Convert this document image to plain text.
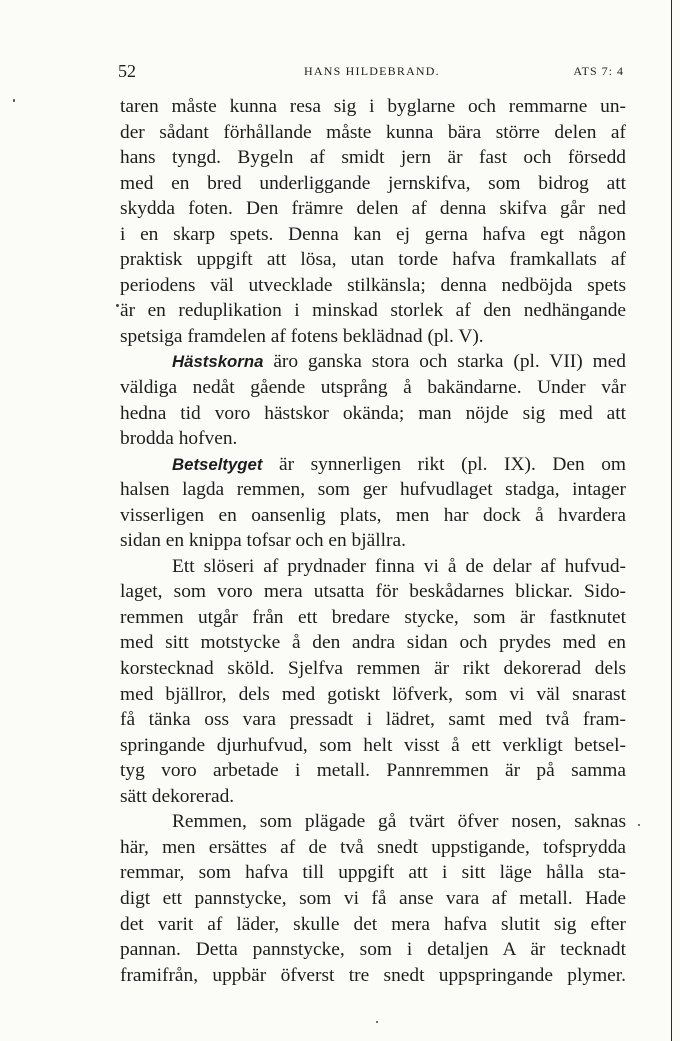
52	HANS HILDEBRAND.	ATS 7: 4
taren måste kunna resa sig i byglarne och remmarne un-
der sådant förhållande måste kunna bära större delen af
hans tyngd. Bygeln af smidt jern är fast och försedd
med en bred underliggande jernskifva, som bidrog att
skydda foten. Den främre delen af denna skifva går ned
i en skarp spets. Denna kan ej gerna hafva egt någon
praktisk uppgift att lösa, utan torde hafva framkallats af
periodens väl utvecklade stilkänsla; denna nedböjda spets
är en reduplikation i minskad storlek af den nedhängande
spetsiga framdelen af fotens beklädnad (pl. V).
Hästskorna äro ganska stora och starka (pl. VII) med
väldiga nedåt gående utsprång å bakändarne. Under vår
hedna tid voro hästskor okända; man nöjde sig med att
brodda hofven.
Betseltyget är synnerligen rikt (pl. IX). Den om
halsen lagda remmen, som ger hufvudlaget stadga, intager
visserligen en oansenlig plats, men har dock å hvardera
sidan en knippa tofsar och en bjällra.
Ett slöseri af prydnader finna vi å de delar af hufvud-
laget, som voro mera utsatta för beskådarnes blickar. Sido-
remmen utgår från ett bredare stycke, som är fastknutet
med sitt motstycke å den andra sidan och prydes med en
korstecknad sköld. Sjelfva remmen är rikt dekorerad dels
med bjällror, dels med gotiskt löfverk, som vi väl snarast
få tänka oss vara pressadt i lädret, samt med två fram-
springande djurhufvud, som helt visst å ett verkligt betsel-
tyg voro arbetade i metall. Pannremmen är på samma
sätt dekorerad.
Remmen, som plägade gå tvärt öfver nosen, saknas
här, men ersättes af de två snedt uppstigande, tofsprydda
remmar, som hafva till uppgift att i sitt läge hålla sta-
digt ett pannstycke, som vi få anse vara af metall. Hade
det varit af läder, skulle det mera hafva slutit sig efter
pannan. Detta pannstycke, som i detaljen A är tecknadt
framifrån, uppbär öfverst tre snedt uppspringande plymer.
